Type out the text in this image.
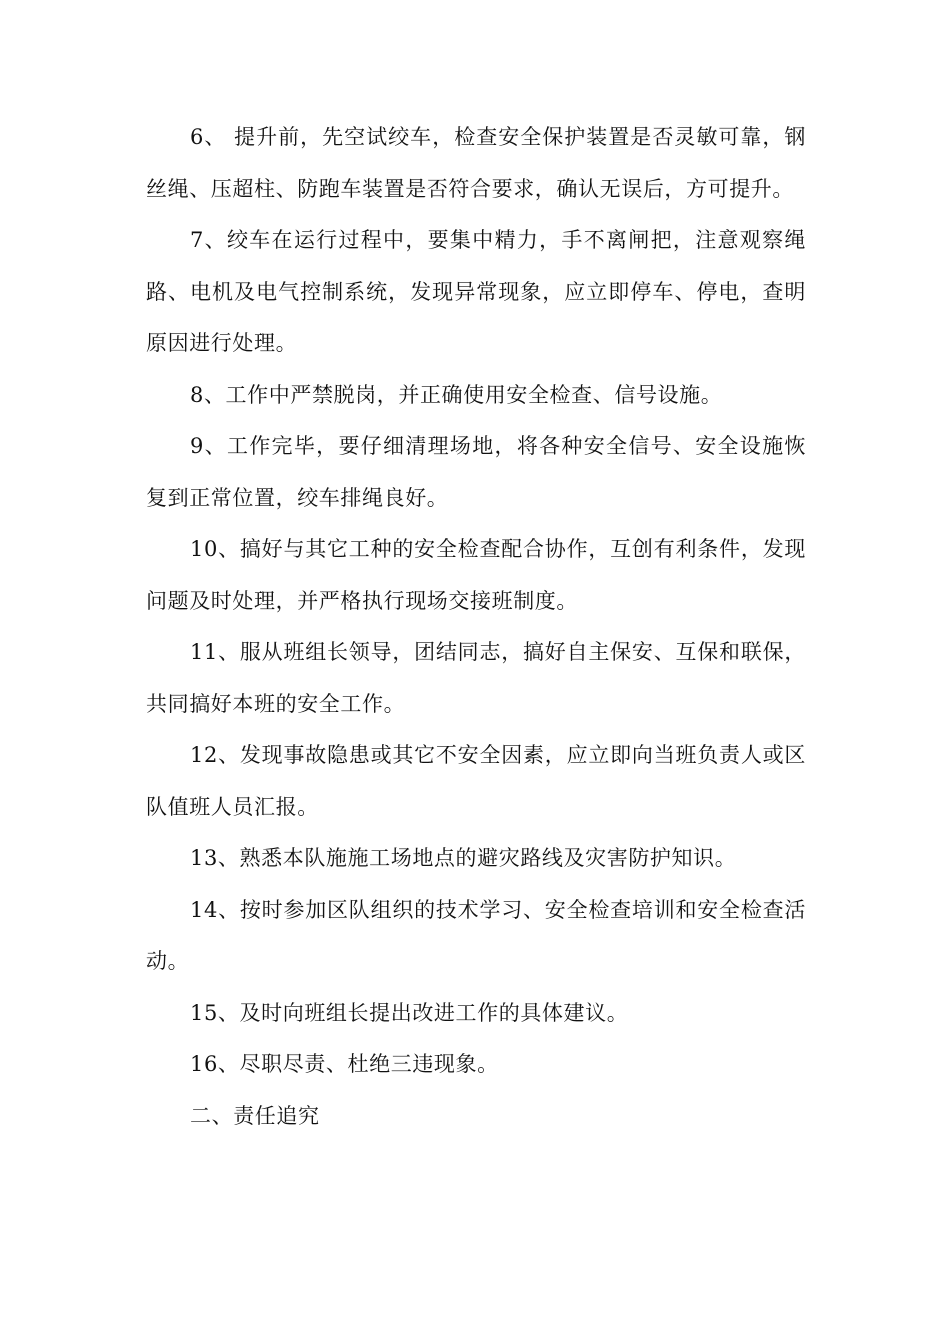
6、 提升前，先空试绞车，检查安全保护装置是否灵敏可靠，钢丝绳、压超柱、防跑车装置是否符合要求，确认无误后，方可提升。

7、绞车在运行过程中，要集中精力，手不离闸把，注意观察绳路、电机及电气控制系统，发现异常现象，应立即停车、停电，查明原因进行处理。

8、工作中严禁脱岗，并正确使用安全检查、信号设施。

9、工作完毕，要仔细清理场地，将各种安全信号、安全设施恢复到正常位置，绞车排绳良好。

10、搞好与其它工种的安全检查配合协作，互创有利条件，发现问题及时处理，并严格执行现场交接班制度。

11、服从班组长领导，团结同志，搞好自主保安、互保和联保，共同搞好本班的安全工作。

12、发现事故隐患或其它不安全因素，应立即向当班负责人或区队值班人员汇报。

13、熟悉本队施施工场地点的避灾路线及灾害防护知识。

14、按时参加区队组织的技术学习、安全检查培训和安全检查活动。

15、及时向班组长提出改进工作的具体建议。

16、尽职尽责、杜绝三违现象。

二、责任追究
